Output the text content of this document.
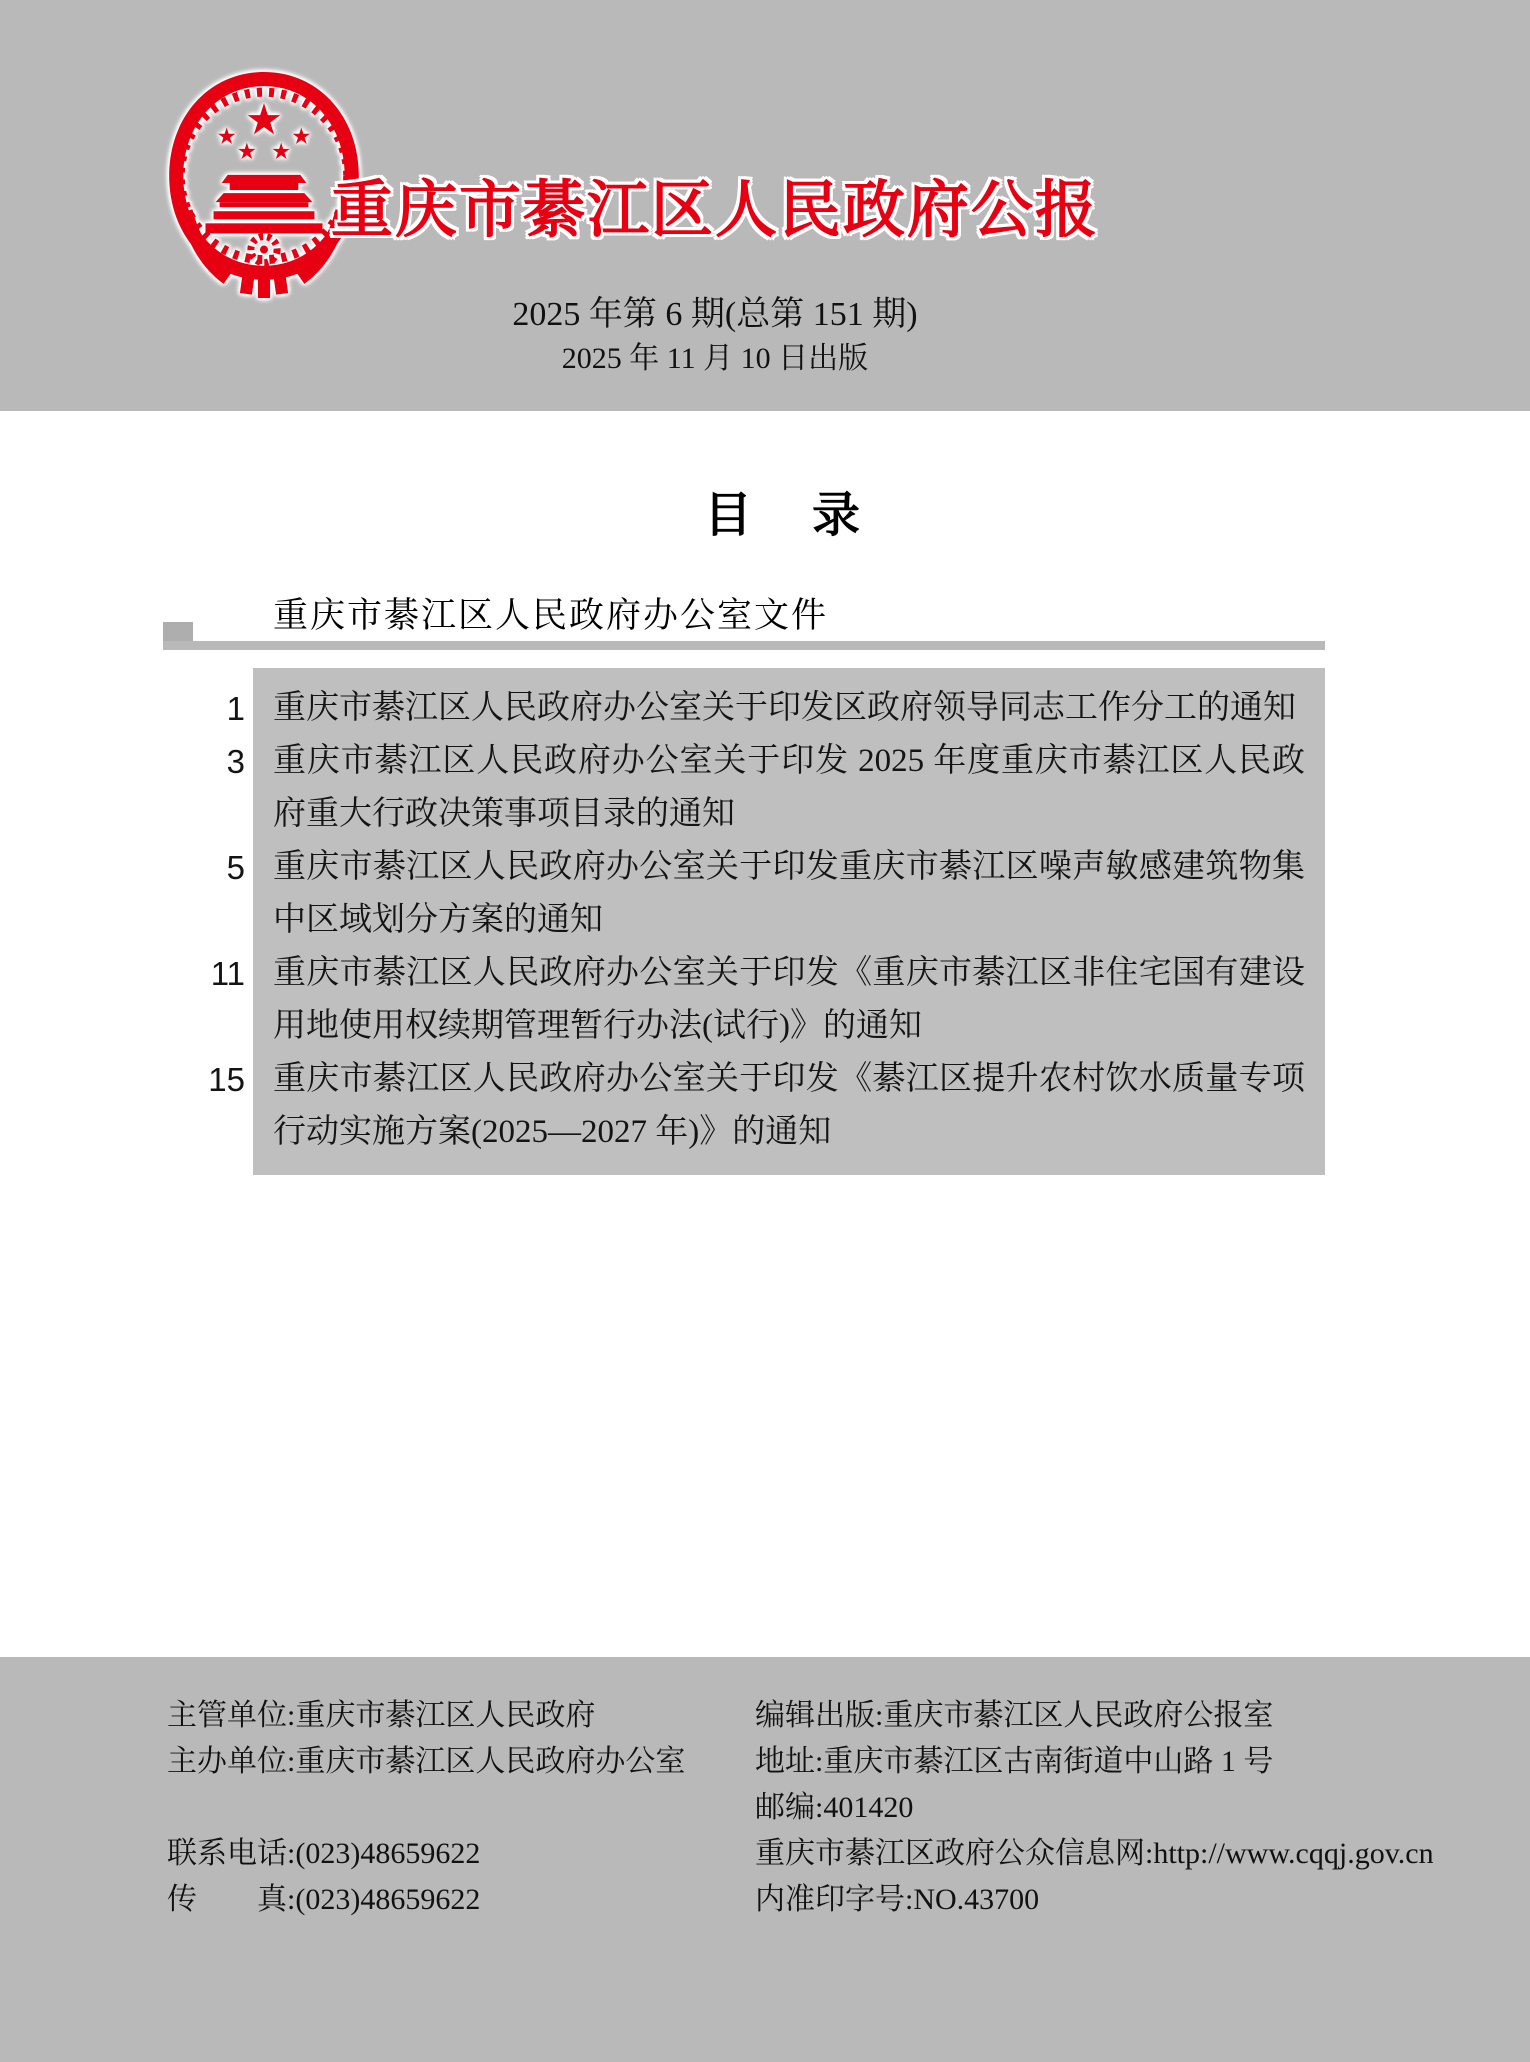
重庆市綦江区人民政府公报
2025 年第 6 期(总第 151 期)
2025 年 11 月 10 日出版
目　录
重庆市綦江区人民政府办公室文件
1 重庆市綦江区人民政府办公室关于印发区政府领导同志工作分工的通知
3 重庆市綦江区人民政府办公室关于印发 2025 年度重庆市綦江区人民政府重大行政决策事项目录的通知
5 重庆市綦江区人民政府办公室关于印发重庆市綦江区噪声敏感建筑物集中区域划分方案的通知
11 重庆市綦江区人民政府办公室关于印发《重庆市綦江区非住宅国有建设用地使用权续期管理暂行办法(试行)》的通知
15 重庆市綦江区人民政府办公室关于印发《綦江区提升农村饮水质量专项行动实施方案(2025—2027 年)》的通知
主管单位:重庆市綦江区人民政府
主办单位:重庆市綦江区人民政府办公室

联系电话:(023)48659622
传　　真:(023)48659622
编辑出版:重庆市綦江区人民政府公报室
地址:重庆市綦江区古南街道中山路 1 号
邮编:401420
重庆市綦江区政府公众信息网:http://www.cqqj.gov.cn
内准印字号:NO.43700
